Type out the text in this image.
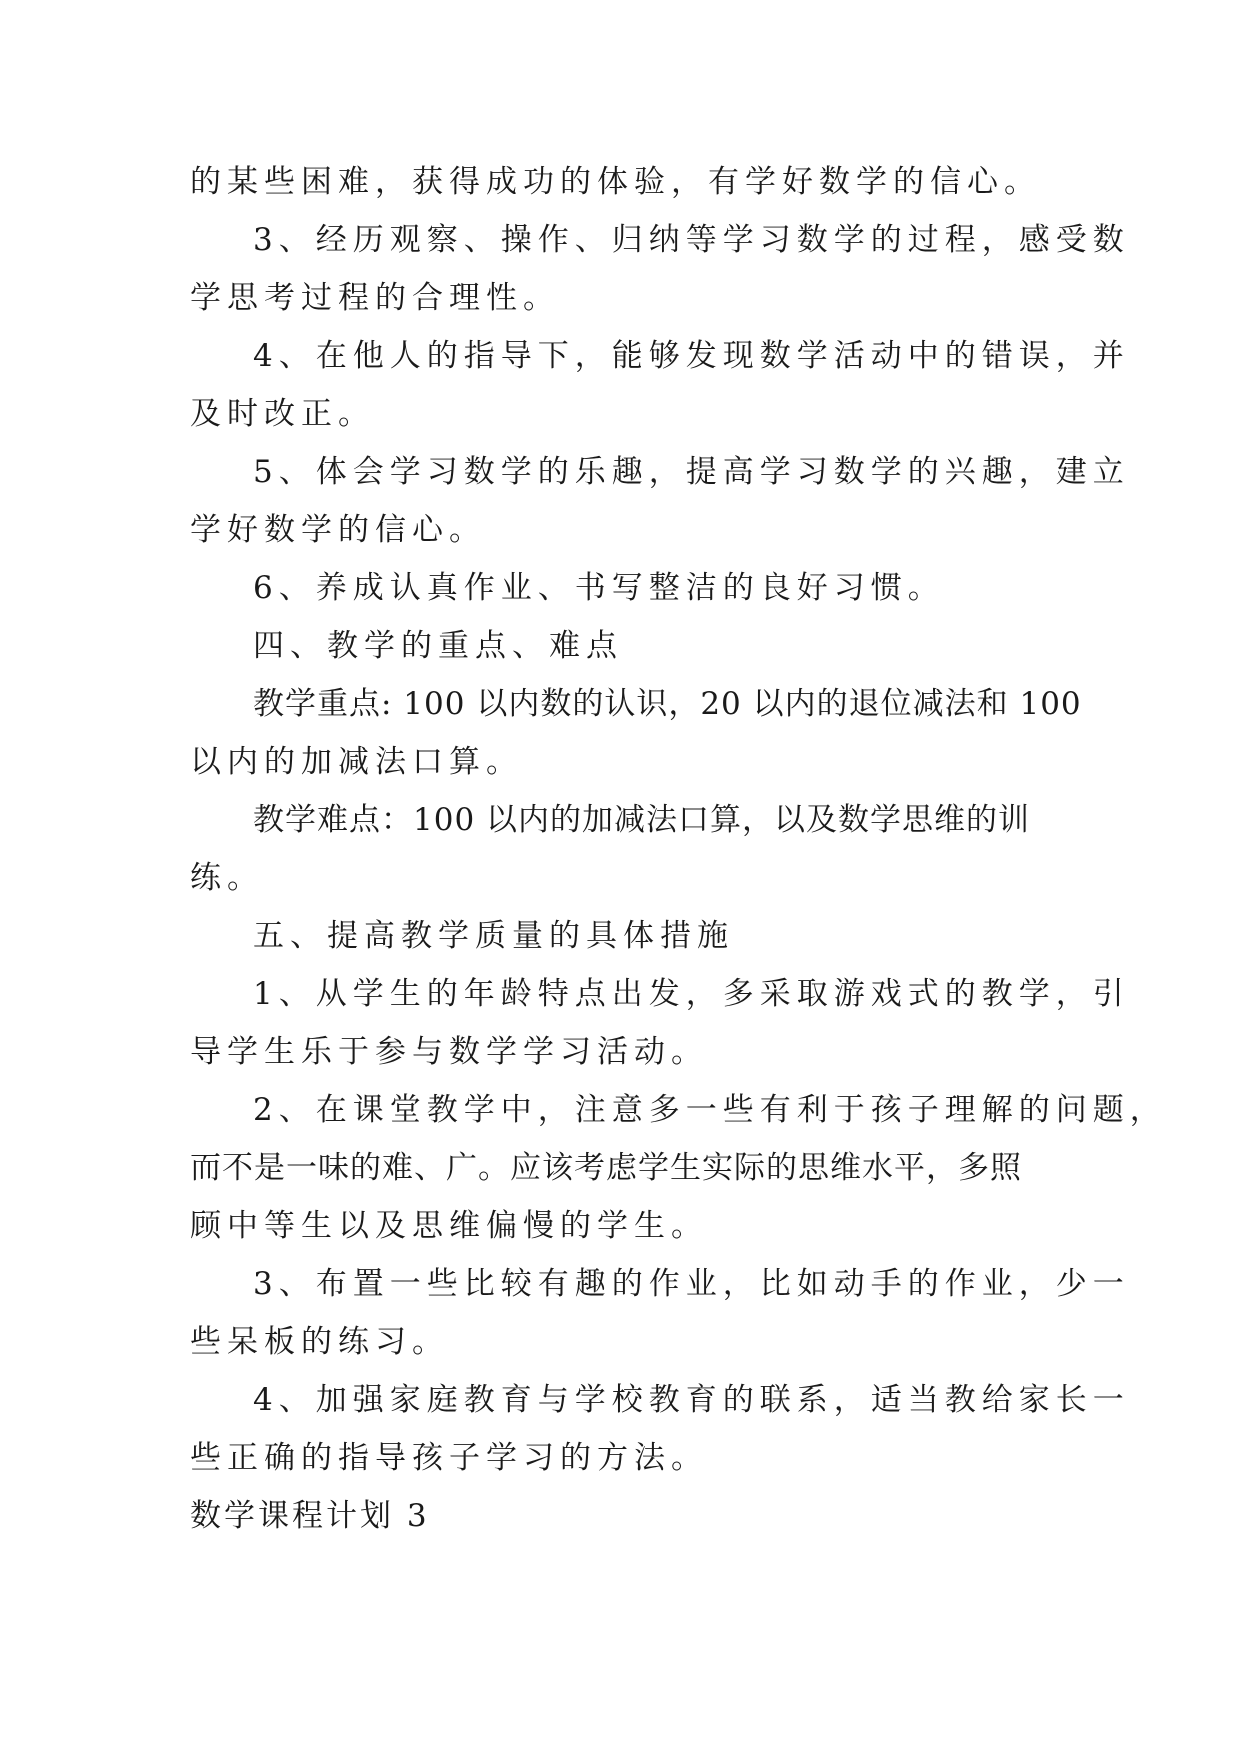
的某些困难，获得成功的体验，有学好数学的信心。
3、经历观察、操作、归纳等学习数学的过程，感受数
学思考过程的合理性。
4、在他人的指导下，能够发现数学活动中的错误，并
及时改正。
5、体会学习数学的乐趣，提高学习数学的兴趣，建立
学好数学的信心。
6、养成认真作业、书写整洁的良好习惯。
四、教学的重点、难点
教学重点: 100 以内数的认识，20 以内的退位减法和 100
以内的加减法口算。
教学难点：100 以内的加减法口算，以及数学思维的训
练。
五、提高教学质量的具体措施
1、从学生的年龄特点出发，多采取游戏式的教学，引
导学生乐于参与数学学习活动。
2、在课堂教学中，注意多一些有利于孩子理解的问题，
而不是一味的难、广。应该考虑学生实际的思维水平，多照
顾中等生以及思维偏慢的学生。
3、布置一些比较有趣的作业，比如动手的作业，少一
些呆板的练习。
4、加强家庭教育与学校教育的联系，适当教给家长一
些正确的指导孩子学习的方法。
数学课程计划 3
